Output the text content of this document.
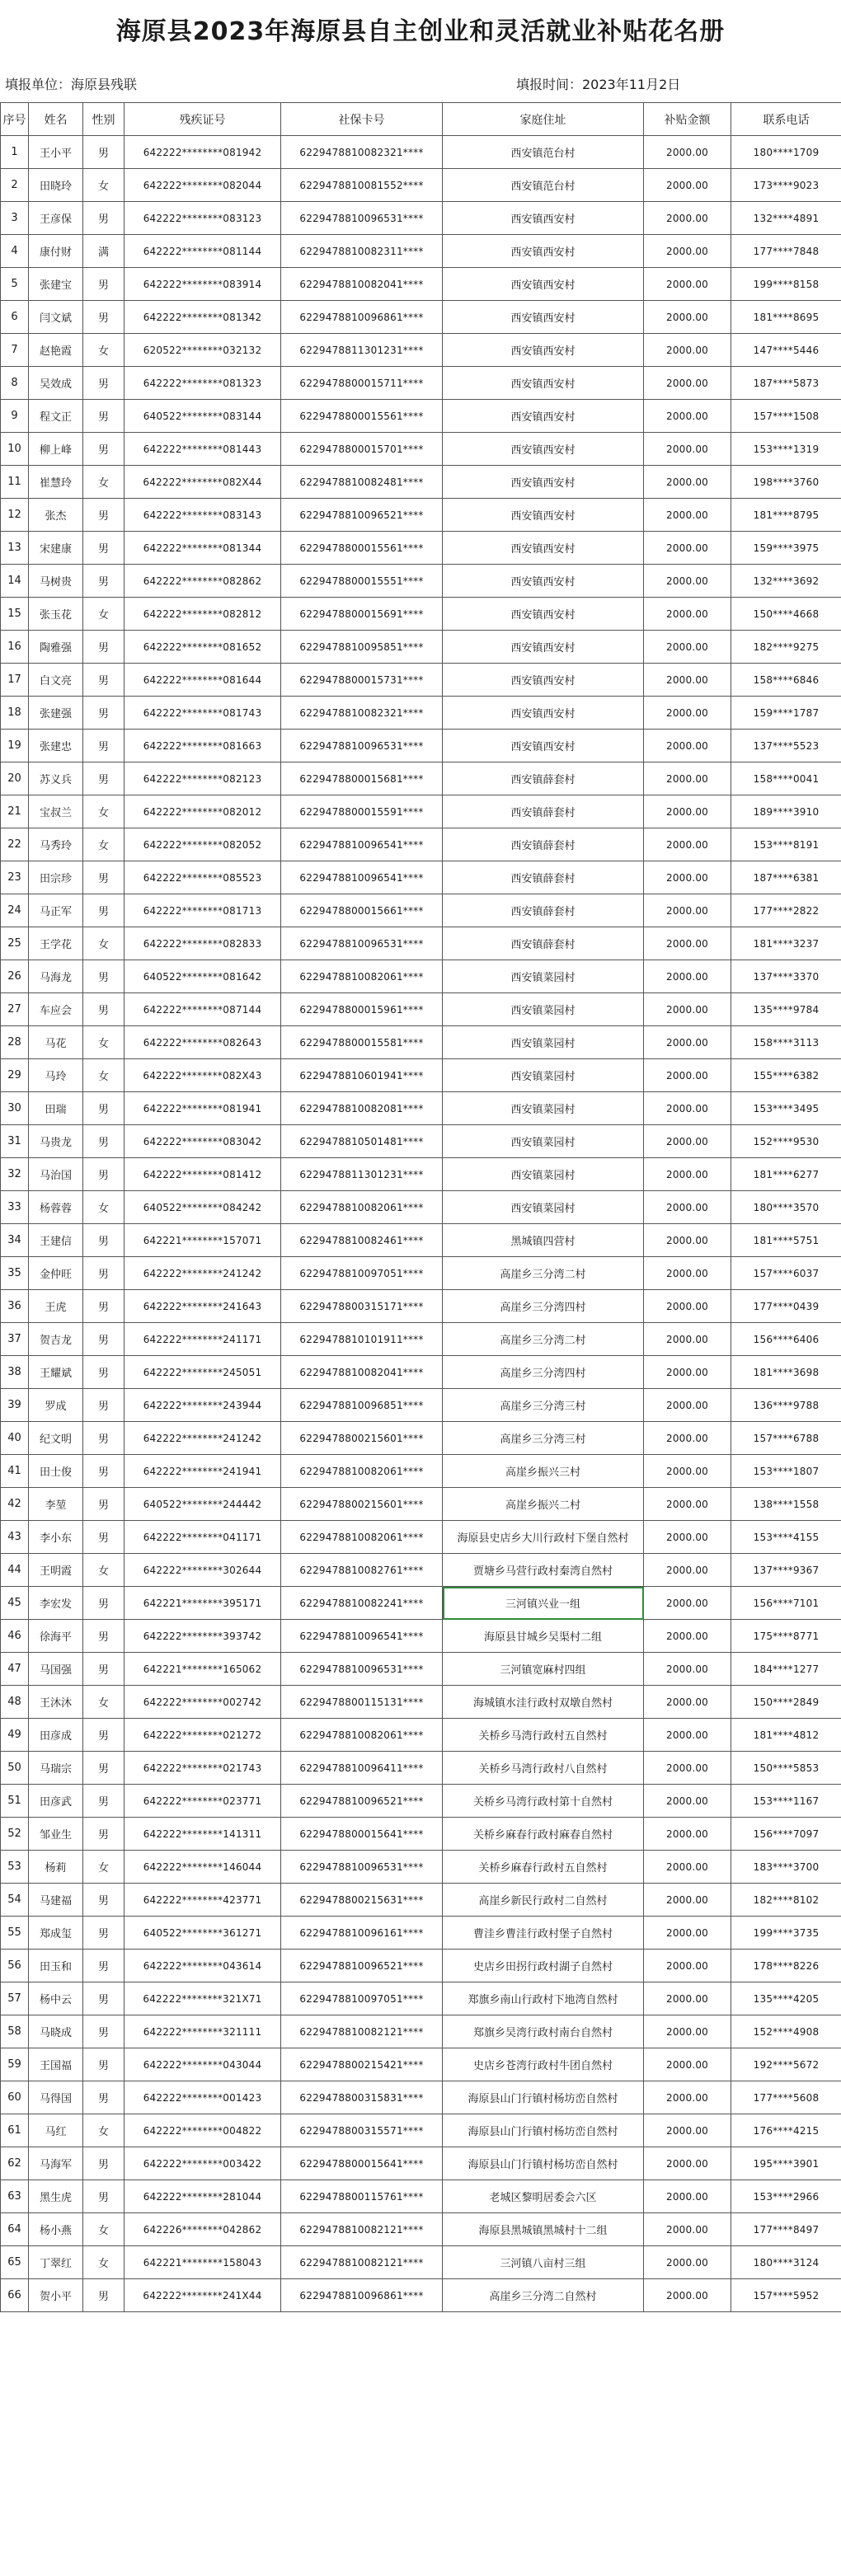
海原县2023年海原县自主创业和灵活就业补贴花名册
填报单位：海原县残联	填报时间：2023年11月2日
序号	姓名	性别	残疾证号	社保卡号	家庭住址	补贴金额	联系电话
1	王小平	男	642222********081942	6229478810082321****	西安镇范台村	2000.00	180****1709
2	田晓玲	女	642222********082044	6229478810081552****	西安镇范台村	2000.00	173****9023
3	王彦保	男	642222********083123	6229478810096531****	西安镇西安村	2000.00	132****4891
4	康付财	满	642222********081144	6229478810082311****	西安镇西安村	2000.00	177****7848
5	张建宝	男	642222********083914	6229478810082041****	西安镇西安村	2000.00	199****8158
6	闫文斌	男	642222********081342	6229478810096861****	西安镇西安村	2000.00	181****8695
7	赵艳霞	女	620522********032132	6229478811301231****	西安镇西安村	2000.00	147****5446
8	吴效成	男	642222********081323	6229478800015711****	西安镇西安村	2000.00	187****5873
9	程文正	男	640522********083144	6229478800015561****	西安镇西安村	2000.00	157****1508
10	柳上峰	男	642222********081443	6229478800015701****	西安镇西安村	2000.00	153****1319
11	崔慧玲	女	642222********082X44	6229478810082481****	西安镇西安村	2000.00	198****3760
12	张杰	男	642222********083143	6229478810096521****	西安镇西安村	2000.00	181****8795
13	宋建康	男	642222********081344	6229478800015561****	西安镇西安村	2000.00	159****3975
14	马树贵	男	642222********082862	6229478800015551****	西安镇西安村	2000.00	132****3692
15	张玉花	女	642222********082812	6229478800015691****	西安镇西安村	2000.00	150****4668
16	陶雅强	男	642222********081652	6229478810095851****	西安镇西安村	2000.00	182****9275
17	白文亮	男	642222********081644	6229478800015731****	西安镇西安村	2000.00	158****6846
18	张建强	男	642222********081743	6229478810082321****	西安镇西安村	2000.00	159****1787
19	张建忠	男	642222********081663	6229478810096531****	西安镇西安村	2000.00	137****5523
20	苏义兵	男	642222********082123	6229478800015681****	西安镇薛套村	2000.00	158****0041
21	宝叔兰	女	642222********082012	6229478800015591****	西安镇薛套村	2000.00	189****3910
22	马秀玲	女	642222********082052	6229478810096541****	西安镇薛套村	2000.00	153****8191
23	田宗珍	男	642222********085523	6229478810096541****	西安镇薛套村	2000.00	187****6381
24	马正军	男	642222********081713	6229478800015661****	西安镇薛套村	2000.00	177****2822
25	王学花	女	642222********082833	6229478810096531****	西安镇薛套村	2000.00	181****3237
26	马海龙	男	640522********081642	6229478810082061****	西安镇菜园村	2000.00	137****3370
27	车应会	男	642222********087144	6229478800015961****	西安镇菜园村	2000.00	135****9784
28	马花	女	642222********082643	6229478800015581****	西安镇菜园村	2000.00	158****3113
29	马玲	女	642222********082X43	6229478810601941****	西安镇菜园村	2000.00	155****6382
30	田瑞	男	642222********081941	6229478810082081****	西安镇菜园村	2000.00	153****3495
31	马贵龙	男	642222********083042	6229478810501481****	西安镇菜园村	2000.00	152****9530
32	马治国	男	642222********081412	6229478811301231****	西安镇菜园村	2000.00	181****6277
33	杨蓉蓉	女	640522********084242	6229478810082061****	西安镇菜园村	2000.00	180****3570
34	王建信	男	642221********157071	6229478810082461****	黑城镇四营村	2000.00	181****5751
35	金仲旺	男	642222********241242	6229478810097051****	高崖乡三分湾二村	2000.00	157****6037
36	王虎	男	642222********241643	6229478800315171****	高崖乡三分湾四村	2000.00	177****0439
37	贺吉龙	男	642222********241171	6229478810101911****	高崖乡三分湾二村	2000.00	156****6406
38	王耀斌	男	642222********245051	6229478810082041****	高崖乡三分湾四村	2000.00	181****3698
39	罗成	男	642222********243944	6229478810096851****	高崖乡三分湾三村	2000.00	136****9788
40	纪文明	男	642222********241242	6229478800215601****	高崖乡三分湾三村	2000.00	157****6788
41	田士俊	男	642222********241941	6229478810082061****	高崖乡振兴三村	2000.00	153****1807
42	李堃	男	640522********244442	6229478800215601****	高崖乡振兴二村	2000.00	138****1558
43	李小东	男	642222********041171	6229478810082061****	海原县史店乡大川行政村下堡自然村	2000.00	153****4155
44	王明霞	女	642222********302644	6229478810082761****	贾塘乡马营行政村秦湾自然村	2000.00	137****9367
45	李宏发	男	642221********395171	6229478810082241****	三河镇兴业一组	2000.00	156****7101
46	徐海平	男	642222********393742	6229478810096541****	海原县甘城乡吴渠村二组	2000.00	175****8771
47	马国强	男	642221********165062	6229478810096531****	三河镇宽麻村四组	2000.00	184****1277
48	王沐沐	女	642222********002742	6229478800115131****	海城镇水洼行政村双墩自然村	2000.00	150****2849
49	田彦成	男	642222********021272	6229478810082061****	关桥乡马湾行政村五自然村	2000.00	181****4812
50	马瑞宗	男	642222********021743	6229478810096411****	关桥乡马湾行政村八自然村	2000.00	150****5853
51	田彦武	男	642222********023771	6229478810096521****	关桥乡马湾行政村第十自然村	2000.00	153****1167
52	邹业生	男	642222********141311	6229478800015641****	关桥乡麻春行政村麻春自然村	2000.00	156****7097
53	杨莉	女	642222********146044	6229478810096531****	关桥乡麻春行政村五自然村	2000.00	183****3700
54	马建福	男	642222********423771	6229478800215631****	高崖乡新民行政村二自然村	2000.00	182****8102
55	郑成玺	男	640522********361271	6229478810096161****	曹洼乡曹洼行政村堡子自然村	2000.00	199****3735
56	田玉和	男	642222********043614	6229478810096521****	史店乡田拐行政村湖子自然村	2000.00	178****8226
57	杨中云	男	642222********321X71	6229478810097051****	郑旗乡南山行政村下地湾自然村	2000.00	135****4205
58	马晓成	男	642222********321111	6229478810082121****	郑旗乡吴湾行政村南台自然村	2000.00	152****4908
59	王国福	男	642222********043044	6229478800215421****	史店乡苍湾行政村牛团自然村	2000.00	192****5672
60	马得国	男	642222********001423	6229478800315831****	海原县山门行镇村杨坊峦自然村	2000.00	177****5608
61	马红	女	642222********004822	6229478800315571****	海原县山门行镇村杨坊峦自然村	2000.00	176****4215
62	马海军	男	642222********003422	6229478800015641****	海原县山门行镇村杨坊峦自然村	2000.00	195****3901
63	黑生虎	男	642222********281044	6229478800115761****	老城区黎明居委会六区	2000.00	153****2966
64	杨小燕	女	642226********042862	6229478810082121****	海原县黑城镇黑城村十二组	2000.00	177****8497
65	丁翠红	女	642221********158043	6229478810082121****	三河镇八亩村三组	2000.00	180****3124
66	贺小平	男	642222********241X44	6229478810096861****	高崖乡三分湾二自然村	2000.00	157****5952
